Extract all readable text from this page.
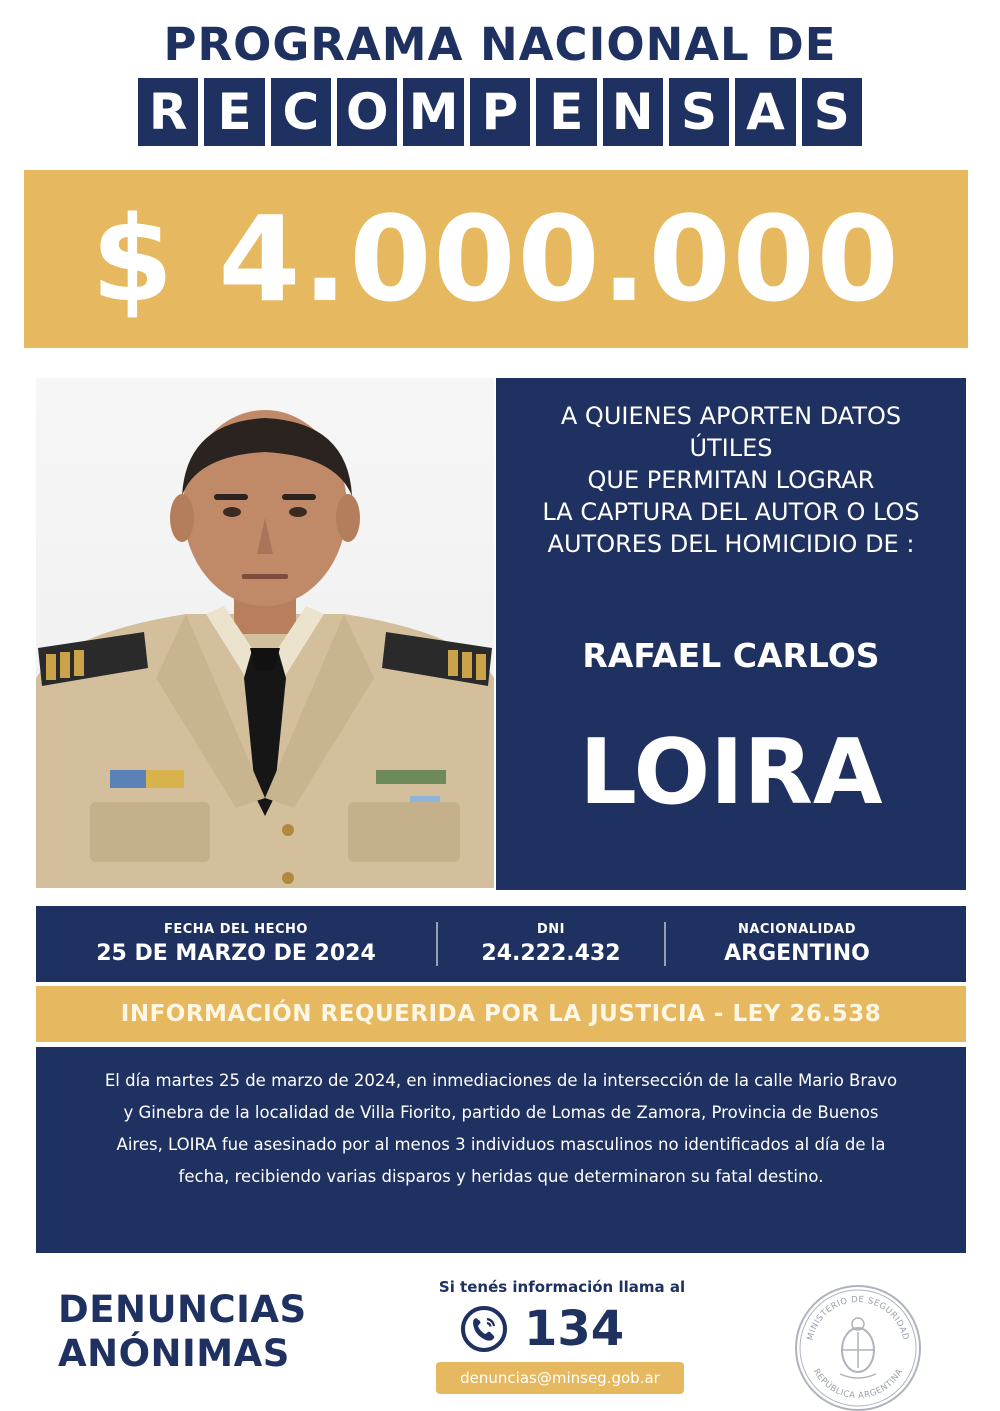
PROGRAMA NACIONAL DE
R E C O M P E N S A S
$ 4.000.000
A QUIENES APORTEN DATOS
ÚTILES
QUE PERMITAN LOGRAR
LA CAPTURA DEL AUTOR O LOS
AUTORES DEL HOMICIDIO DE :
RAFAEL CARLOS
LOIRA
FECHA DEL HECHO
25 DE MARZO DE 2024
DNI
24.222.432
NACIONALIDAD
ARGENTINO
INFORMACIÓN REQUERIDA POR LA JUSTICIA - LEY 26.538
El día martes 25 de marzo de 2024, en inmediaciones de la intersección de la calle Mario Bravo
y Ginebra de la localidad de Villa Fiorito, partido de Lomas de Zamora, Provincia de Buenos
Aires, LOIRA fue asesinado por al menos 3 individuos masculinos no identificados al día de la
fecha, recibiendo varias disparos y heridas que determinaron su fatal destino.
DENUNCIAS
ANÓNIMAS
Si tenés información llama al
134
denuncias@minseg.gob.ar
MINISTERIO DE SEGURIDAD
REPÚBLICA ARGENTINA
